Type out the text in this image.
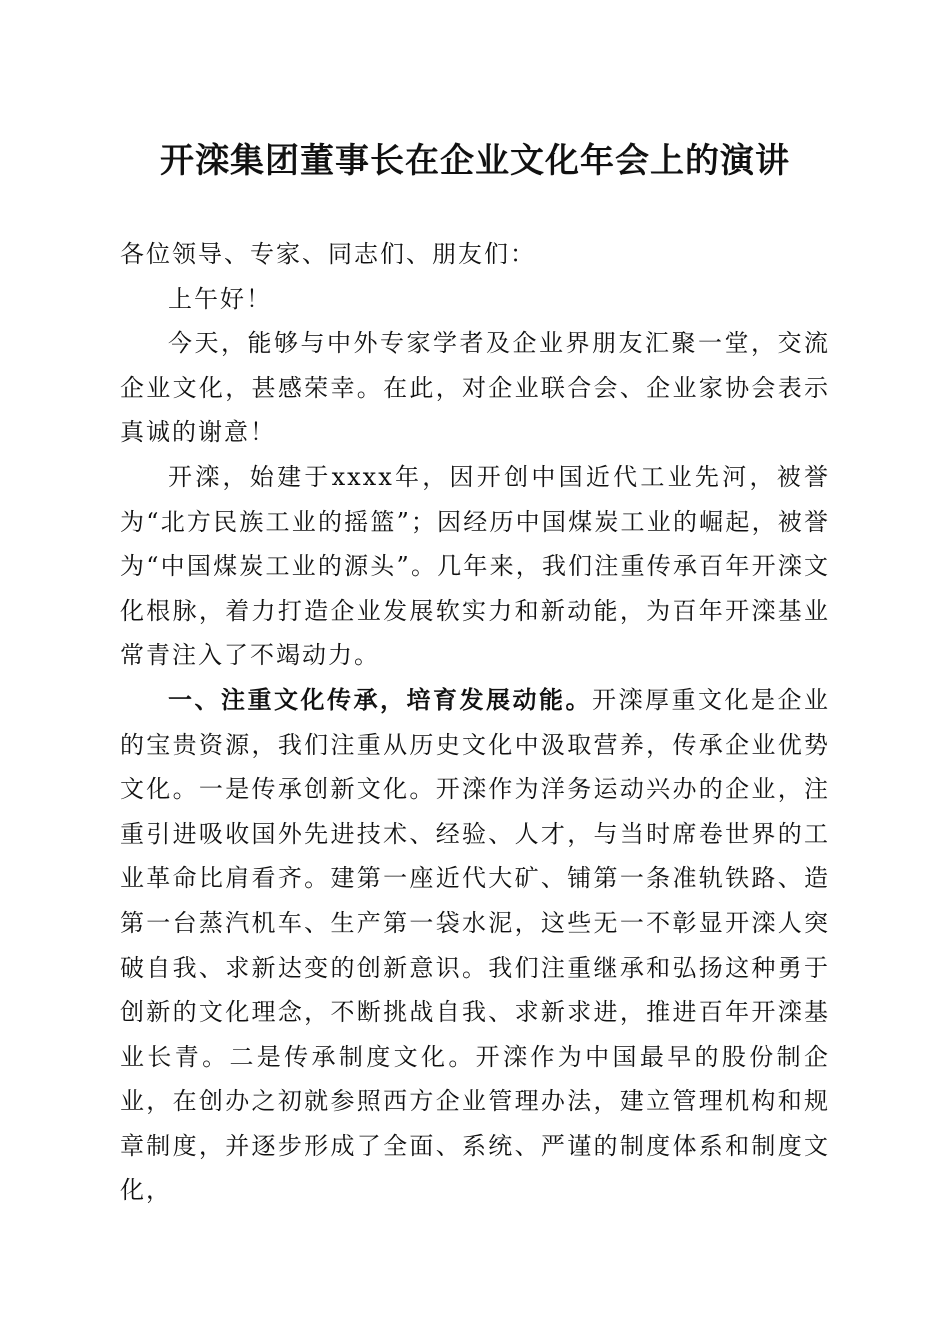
开滦集团董事长在企业文化年会上的演讲

各位领导、专家、同志们、朋友们：

上午好！

今天，能够与中外专家学者及企业界朋友汇聚一堂，交流企业文化，甚感荣幸。在此，对企业联合会、企业家协会表示真诚的谢意！

开滦，始建于xxxx年，因开创中国近代工业先河，被誉为“北方民族工业的摇篮”；因经历中国煤炭工业的崛起，被誉为“中国煤炭工业的源头”。几年来，我们注重传承百年开滦文化根脉，着力打造企业发展软实力和新动能，为百年开滦基业常青注入了不竭动力。

一、注重文化传承，培育发展动能。开滦厚重文化是企业的宝贵资源，我们注重从历史文化中汲取营养，传承企业优势文化。一是传承创新文化。开滦作为洋务运动兴办的企业，注重引进吸收国外先进技术、经验、人才，与当时席卷世界的工业革命比肩看齐。建第一座近代大矿、铺第一条准轨铁路、造第一台蒸汽机车、生产第一袋水泥，这些无一不彰显开滦人突破自我、求新达变的创新意识。我们注重继承和弘扬这种勇于创新的文化理念，不断挑战自我、求新求进，推进百年开滦基业长青。二是传承制度文化。开滦作为中国最早的股份制企业，在创办之初就参照西方企业管理办法，建立管理机构和规章制度，并逐步形成了全面、系统、严谨的制度体系和制度文化，
